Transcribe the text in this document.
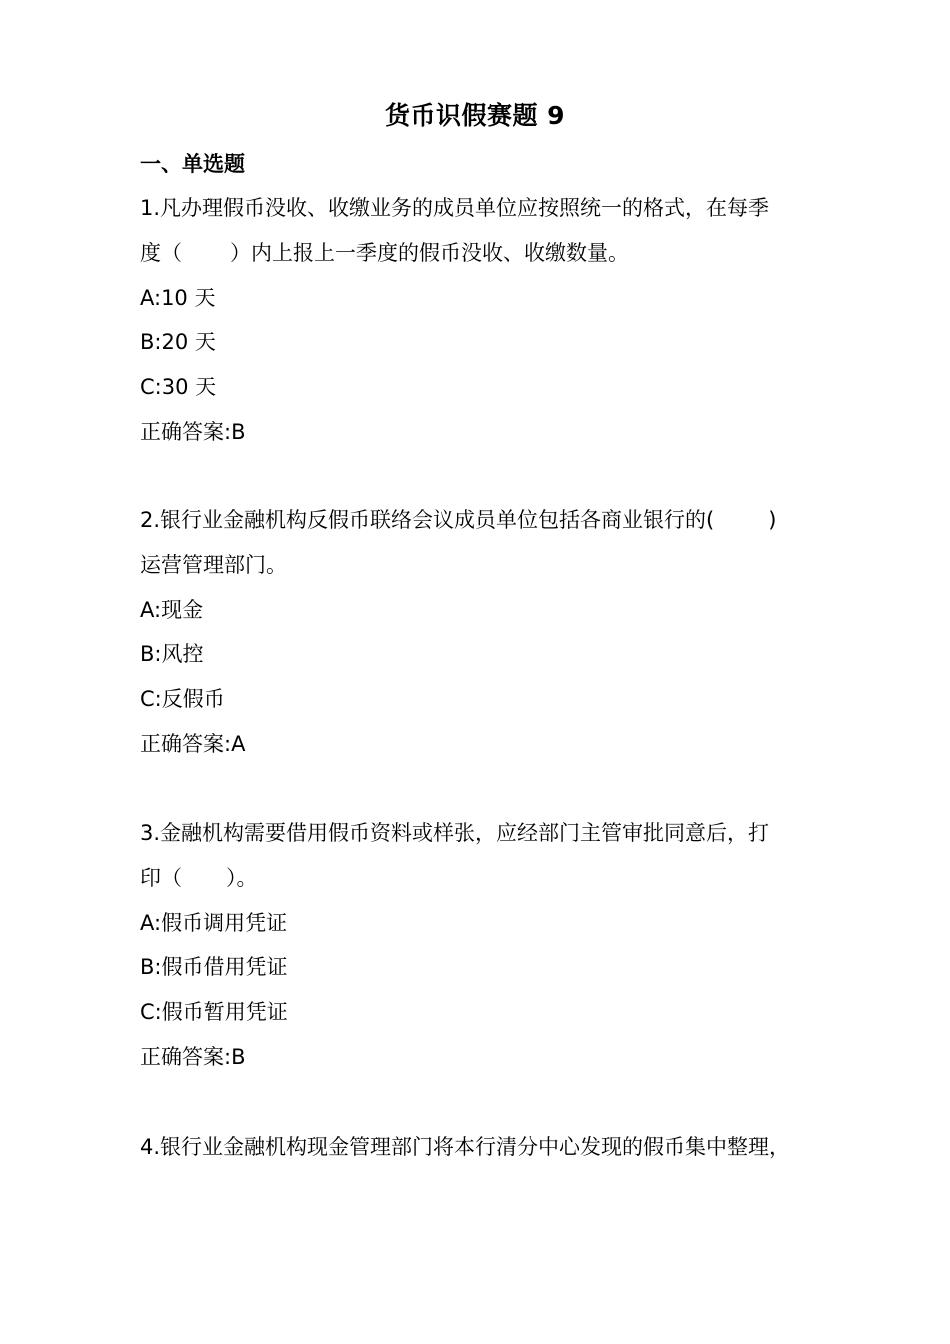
货币识假赛题 9
一、单选题
1.凡办理假币没收、收缴业务的成员单位应按照统一的格式，在每季
度（ ）内上报上一季度的假币没收、收缴数量。
A:10 天
B:20 天
C:30 天
正确答案:B
2.银行业金融机构反假币联络会议成员单位包括各商业银行的(	)
运营管理部门。
A:现金
B:风控
C:反假币
正确答案:A
3.金融机构需要借用假币资料或样张，应经部门主管审批同意后，打
印（ ）。
A:假币调用凭证
B:假币借用凭证
C:假币暂用凭证
正确答案:B
4.银行业金融机构现金管理部门将本行清分中心发现的假币集中整理，
